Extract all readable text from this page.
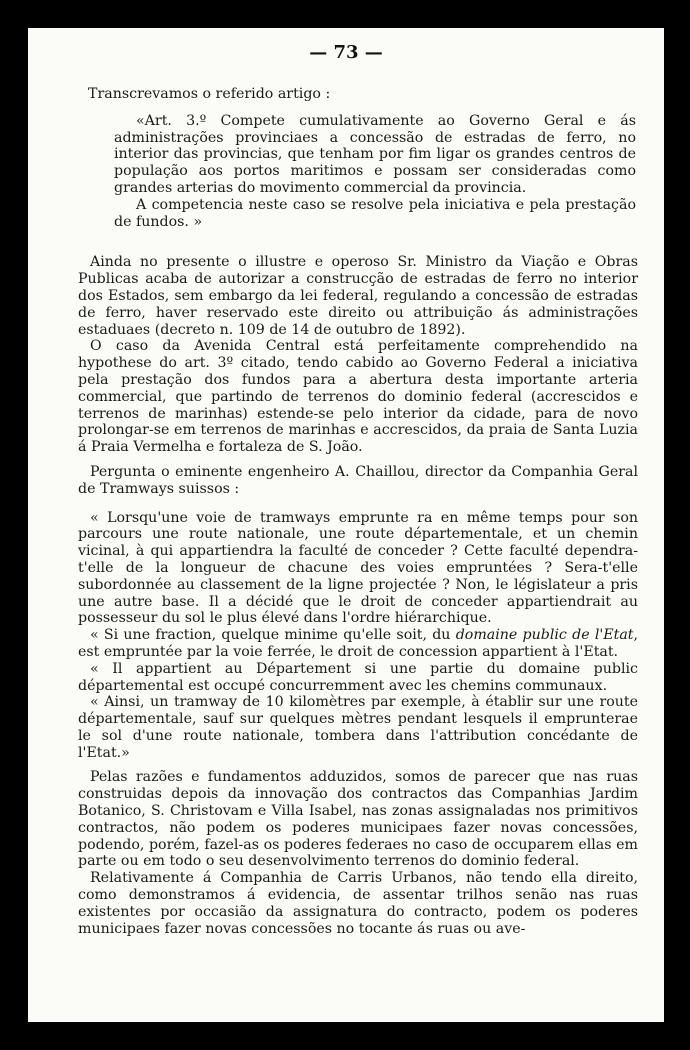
— 73 —

Transcrevamos o referido artigo :

«Art. 3.º Compete cumulativamente ao Governo Geral e ás administrações provinciaes a concessão de estradas de ferro, no interior das provincias, que tenham por fim ligar os grandes centros de população aos portos maritimos e possam ser consideradas como grandes arterias do movimento commercial da provincia.

A competencia neste caso se resolve pela iniciativa e pela prestação de fundos. »

Ainda no presente o illustre e operoso Sr. Ministro da Viação e Obras Publicas acaba de autorizar a construcção de estradas de ferro no interior dos Estados, sem embargo da lei federal, regulando a concessão de estradas de ferro, haver reservado este direito ou attribuição ás administrações estaduaes (decreto n. 109 de 14 de outubro de 1892).

O caso da Avenida Central está perfeitamente comprehendido na hypothese do art. 3º citado, tendo cabido ao Governo Federal a iniciativa pela prestação dos fundos para a abertura desta importante arteria commercial, que partindo de terrenos do dominio federal (accrescidos e terrenos de marinhas) estende-se pelo interior da cidade, para de novo prolongar-se em terrenos de marinhas e accrescidos, da praia de Santa Luzia á Praia Vermelha e fortaleza de S. João.

Pergunta o eminente engenheiro A. Chaillou, director da Companhia Geral de Tramways suissos :

« Lorsqu'une voie de tramways emprunte ra en même temps pour son parcours une route nationale, une route départementale, et un chemin vicinal, à qui appartiendra la faculté de conceder ? Cette faculté dependra-t'elle de la longueur de chacune des voies empruntées ? Sera-t'elle subordonnée au classement de la ligne projectée ? Non, le législateur a pris une autre base. Il a décidé que le droit de conceder appartiendrait au possesseur du sol le plus élevé dans l'ordre hiérarchique.

« Si une fraction, quelque minime qu'elle soit, du domaine public de l'Etat, est empruntée par la voie ferrée, le droit de concession appartient à l'Etat.

« Il appartient au Département si une partie du domaine public départemental est occupé concurremment avec les chemins communaux.

« Ainsi, un tramway de 10 kilomètres par exemple, à établir sur une route départementale, sauf sur quelques mètres pendant lesquels il emprunterae le sol d'une route nationale, tombera dans l'attribution concédante de l'Etat.»

Pelas razões e fundamentos adduzidos, somos de parecer que nas ruas construidas depois da innovação dos contractos das Companhias Jardim Botanico, S. Christovam e Villa Isabel, nas zonas assignaladas nos primitivos contractos, não podem os poderes municipaes fazer novas concessões, podendo, porém, fazel-as os poderes federaes no caso de occuparem ellas em parte ou em todo o seu desenvolvimento terrenos do dominio federal.

Relativamente á Companhia de Carris Urbanos, não tendo ella direito, como demonstramos á evidencia, de assentar trilhos senão nas ruas existentes por occasião da assignatura do contracto, podem os poderes municipaes fazer novas concessões no tocante ás ruas ou ave-
